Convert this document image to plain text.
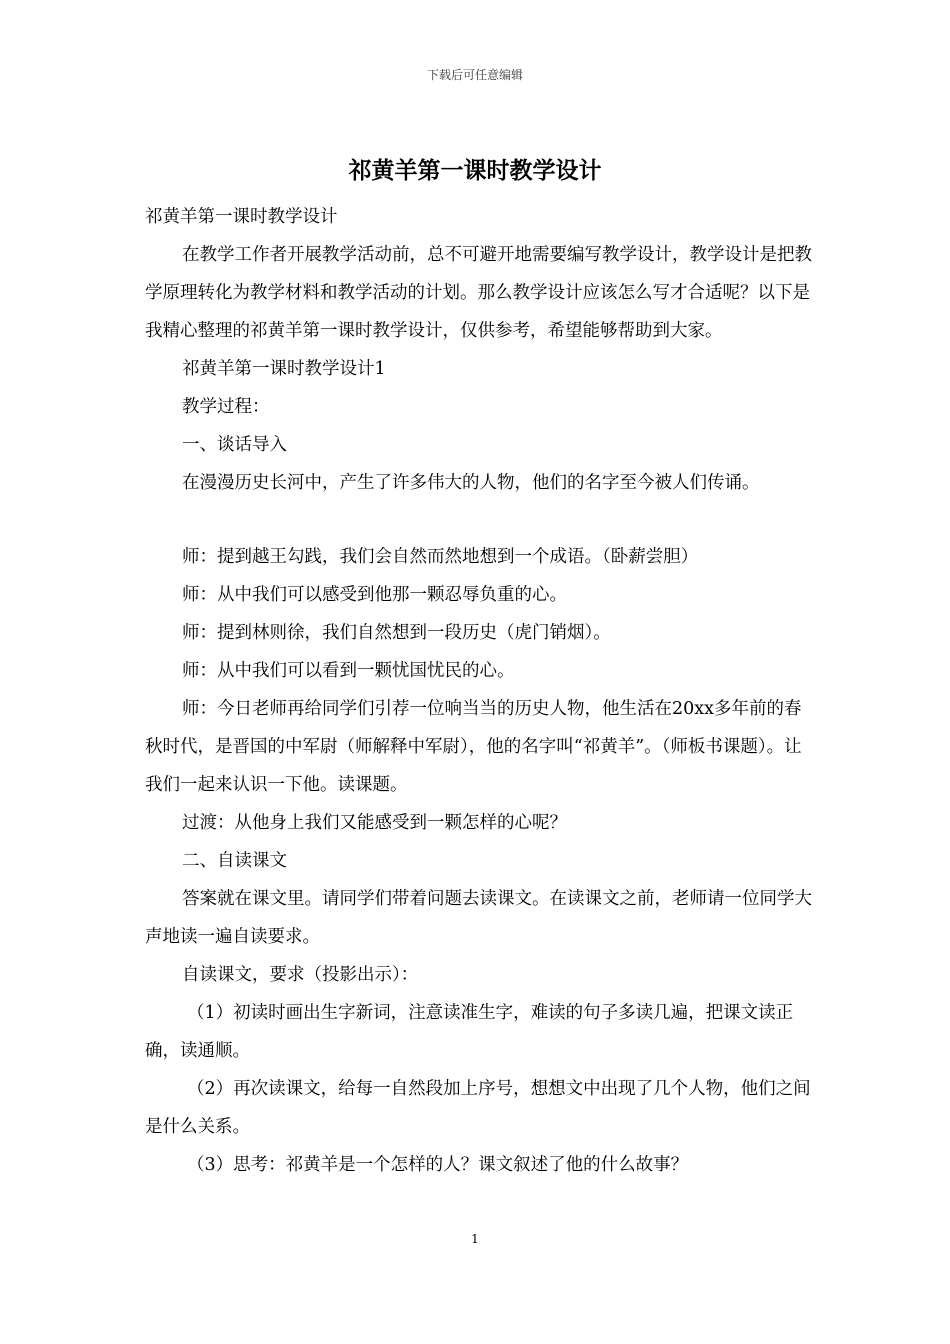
下载后可任意编辑
祁黄羊第一课时教学设计

祁黄羊第一课时教学设计

在教学工作者开展教学活动前，总不可避开地需要编写教学设计，教学设计是把教学原理转化为教学材料和教学活动的计划。那么教学设计应该怎么写才合适呢？以下是我精心整理的祁黄羊第一课时教学设计，仅供参考，希望能够帮助到大家。

祁黄羊第一课时教学设计1

教学过程：

一、谈话导入

在漫漫历史长河中，产生了许多伟大的人物，他们的名字至今被人们传诵。

师：提到越王勾践，我们会自然而然地想到一个成语。（卧薪尝胆）

师：从中我们可以感受到他那一颗忍辱负重的心。

师：提到林则徐，我们自然想到一段历史（虎门销烟）。

师：从中我们可以看到一颗忧国忧民的心。

师：今日老师再给同学们引荐一位响当当的历史人物，他生活在20xx多年前的春秋时代，是晋国的中军尉（师解释中军尉），他的名字叫“祁黄羊”。（师板书课题）。让我们一起来认识一下他。读课题。

过渡：从他身上我们又能感受到一颗怎样的心呢？

二、自读课文

答案就在课文里。请同学们带着问题去读课文。在读课文之前，老师请一位同学大声地读一遍自读要求。

自读课文，要求（投影出示）：

（1）初读时画出生字新词，注意读准生字，难读的句子多读几遍，把课文读正确，读通顺。

（2）再次读课文，给每一自然段加上序号，想想文中出现了几个人物，他们之间是什么关系。

（3）思考：祁黄羊是一个怎样的人？课文叙述了他的什么故事？

1
